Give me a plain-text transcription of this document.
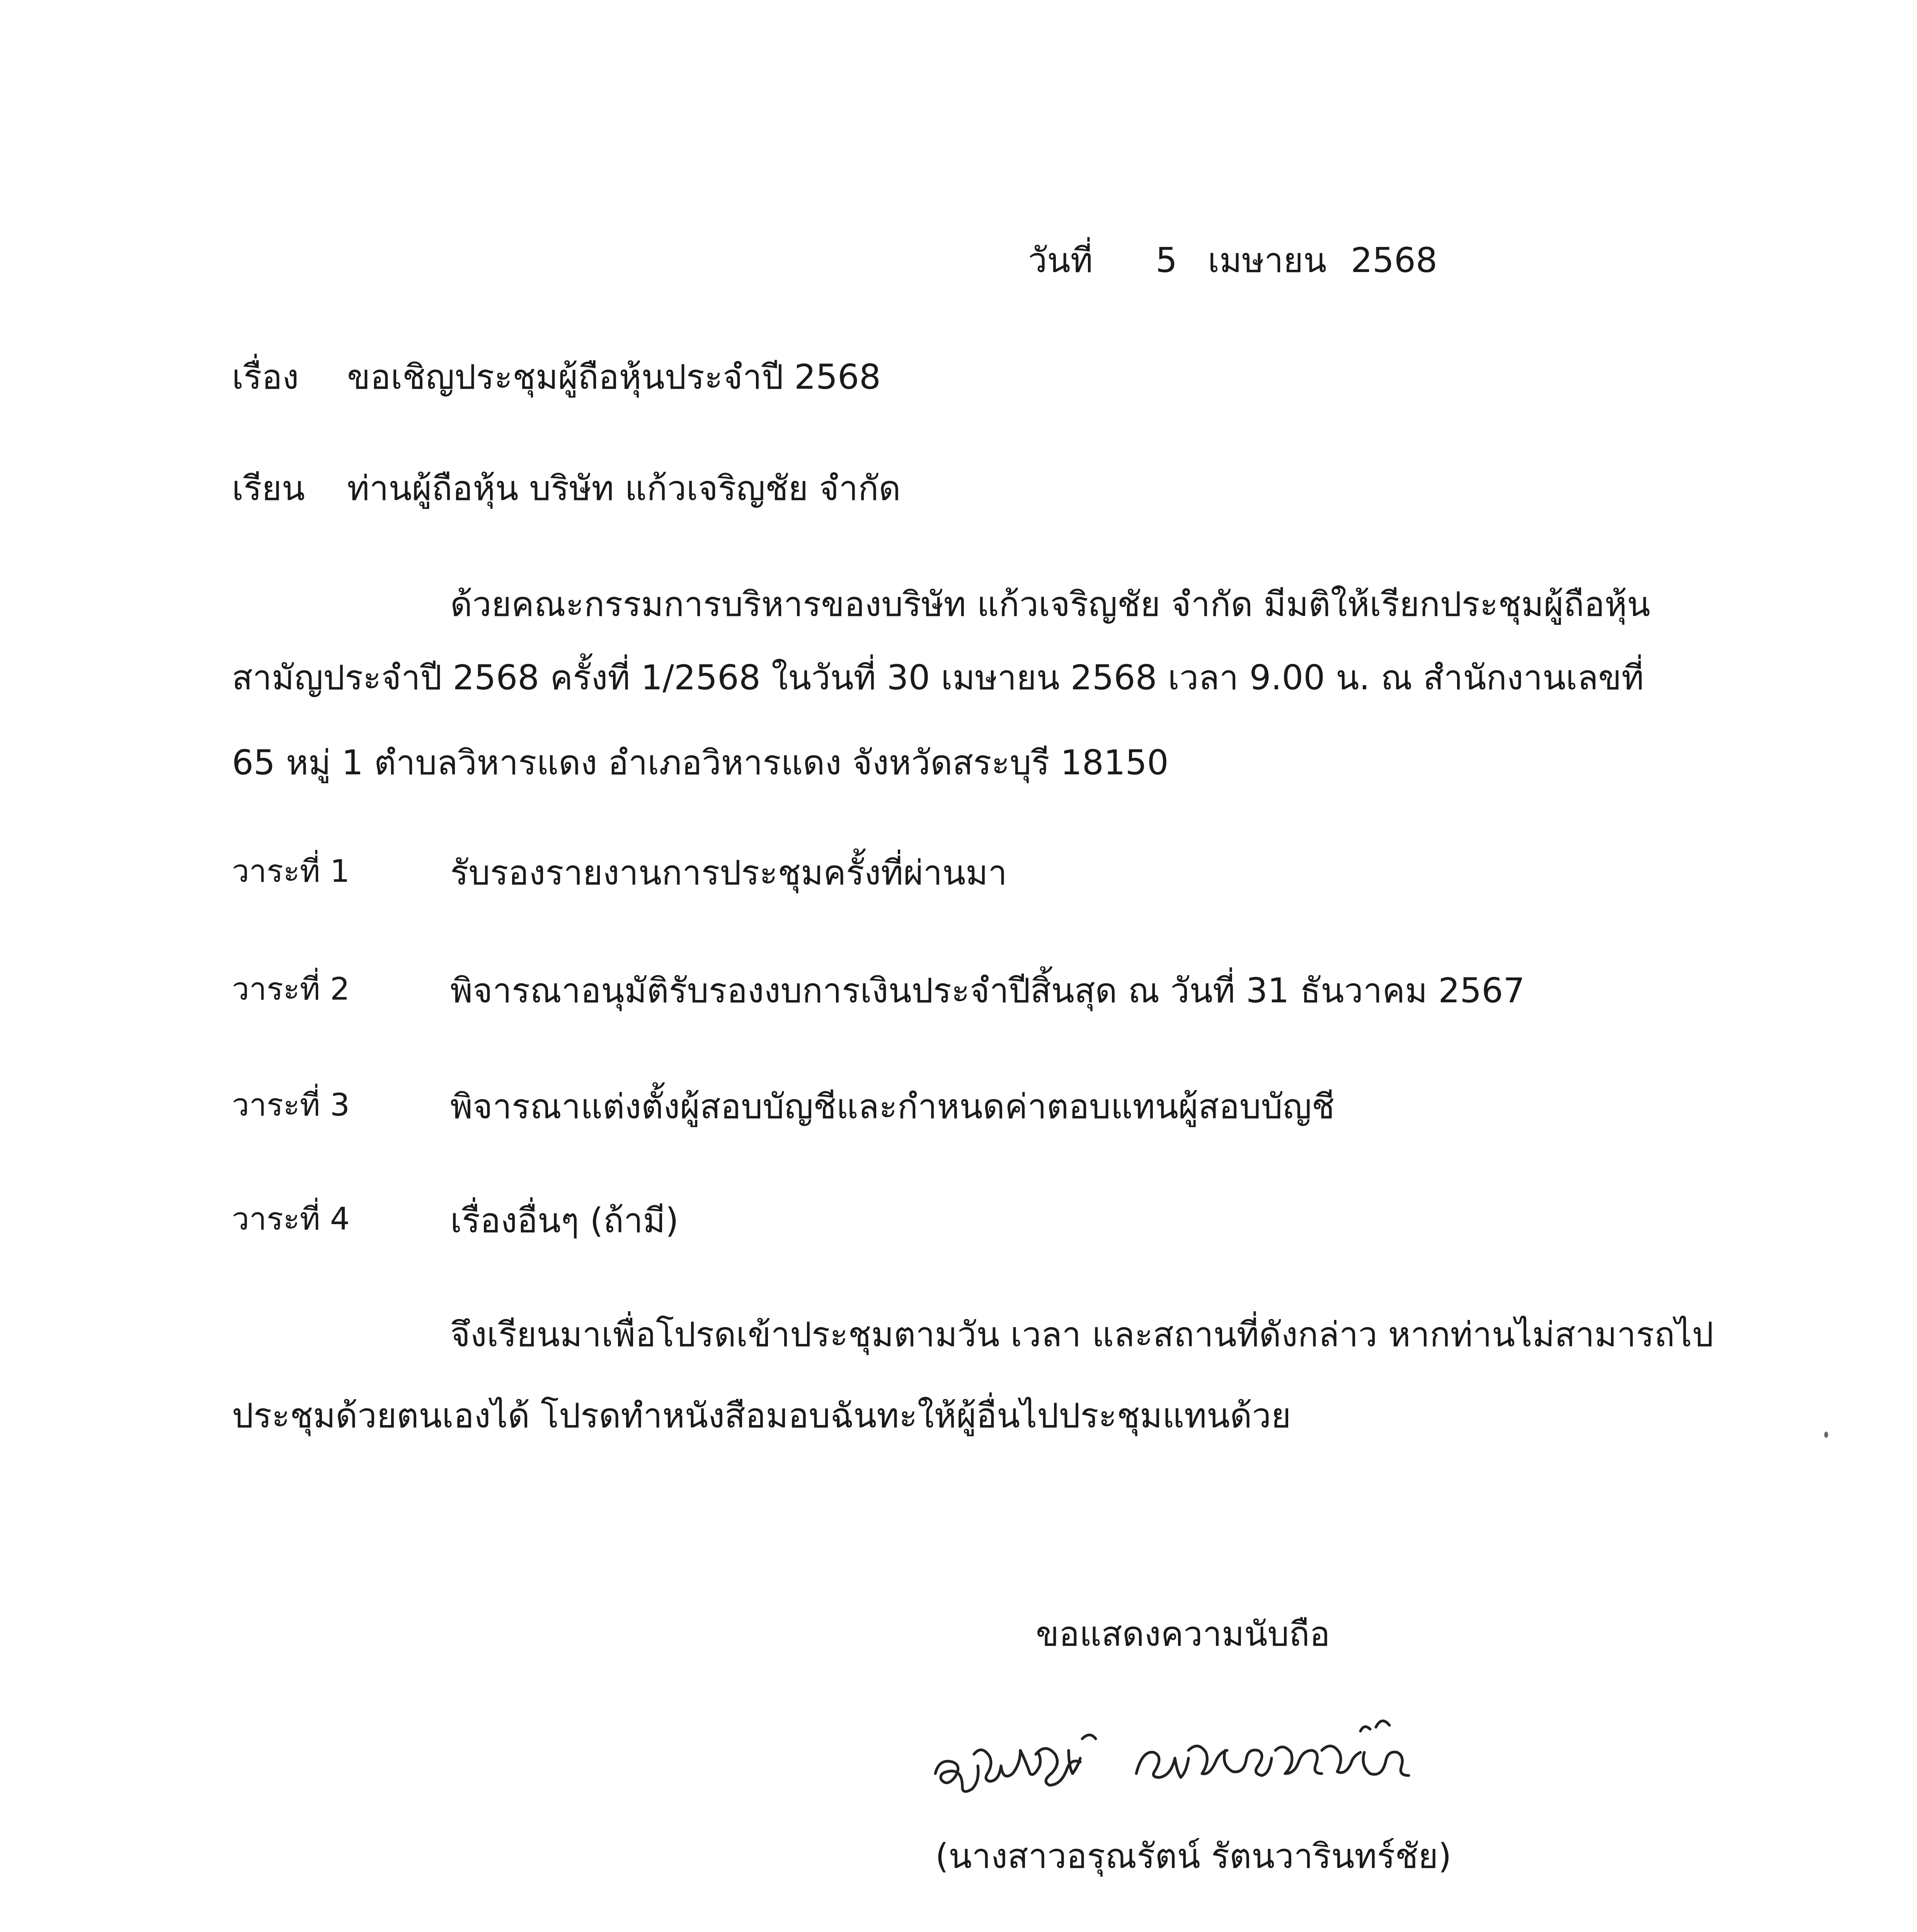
วันที่ 5 เมษายน 2568
เรื่อง ขอเชิญประชุมผู้ถือหุ้นประจำปี 2568
เรียน ท่านผู้ถือหุ้น บริษัท แก้วเจริญชัย จำกัด
ด้วยคณะกรรมการบริหารของบริษัท แก้วเจริญชัย จำกัด มีมติให้เรียกประชุมผู้ถือหุ้น
สามัญประจำปี 2568 ครั้งที่ 1/2568 ในวันที่ 30 เมษายน 2568 เวลา 9.00 น. ณ สำนักงานเลขที่
65 หมู่ 1 ตำบลวิหารแดง อำเภอวิหารแดง จังหวัดสระบุรี 18150
วาระที่ 1	รับรองรายงานการประชุมครั้งที่ผ่านมา
วาระที่ 2	พิจารณาอนุมัติรับรองงบการเงินประจำปีสิ้นสุด ณ วันที่ 31 ธันวาคม 2567
วาระที่ 3	พิจารณาแต่งตั้งผู้สอบบัญชีและกำหนดค่าตอบแทนผู้สอบบัญชี
วาระที่ 4	เรื่องอื่นๆ (ถ้ามี)
จึงเรียนมาเพื่อโปรดเข้าประชุมตามวัน เวลา และสถานที่ดังกล่าว หากท่านไม่สามารถไป
ประชุมด้วยตนเองได้ โปรดทำหนังสือมอบฉันทะให้ผู้อื่นไปประชุมแทนด้วย
ขอแสดงความนับถือ
(นางสาวอรุณรัตน์ รัตนวารินทร์ชัย)
